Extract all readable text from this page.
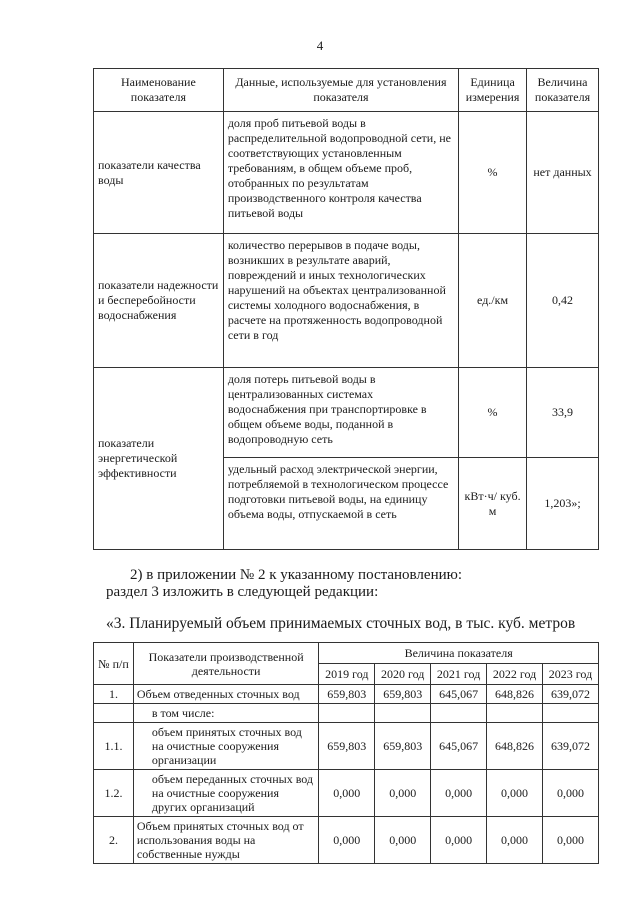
4
Наименование показателя	Данные, используемые для установления показателя	Единица измерения	Величина показателя
показатели качества воды	доля проб питьевой воды в распределительной водопроводной сети, не соответствующих установленным требованиям, в общем объеме проб, отобранных по результатам производственного контроля качества питьевой воды	%	нет данных
показатели надежности и бесперебойности водоснабжения	количество перерывов в подаче воды, возникших в результате аварий, повреждений и иных технологических нарушений на объектах централизованной системы холодного водоснабжения, в расчете на протяженность водопроводной сети в год	ед./км	0,42
показатели энергетической эффективности	доля потерь питьевой воды в централизованных системах водоснабжения при транспортировке в общем объеме воды, поданной в водопроводную сеть	%	33,9
	удельный расход электрической энергии, потребляемой в технологическом процессе подготовки питьевой воды, на единицу объема воды, отпускаемой в сеть	кВт·ч/ куб. м	1,203»;
2) в приложении № 2 к указанному постановлению:
раздел 3 изложить в следующей редакции:
«3. Планируемый объем принимаемых сточных вод, в тыс. куб. метров
№ п/п	Показатели производственной деятельности	Величина показателя				
		2019 год	2020 год	2021 год	2022 год	2023 год
1.	Объем отведенных сточных вод	659,803	659,803	645,067	648,826	639,072
	в том числе:					
1.1.	объем принятых сточных вод на очистные сооружения организации	659,803	659,803	645,067	648,826	639,072
1.2.	объем переданных сточных вод на очистные сооружения других организаций	0,000	0,000	0,000	0,000	0,000
2.	Объем принятых сточных вод от использования воды на собственные нужды	0,000	0,000	0,000	0,000	0,000
